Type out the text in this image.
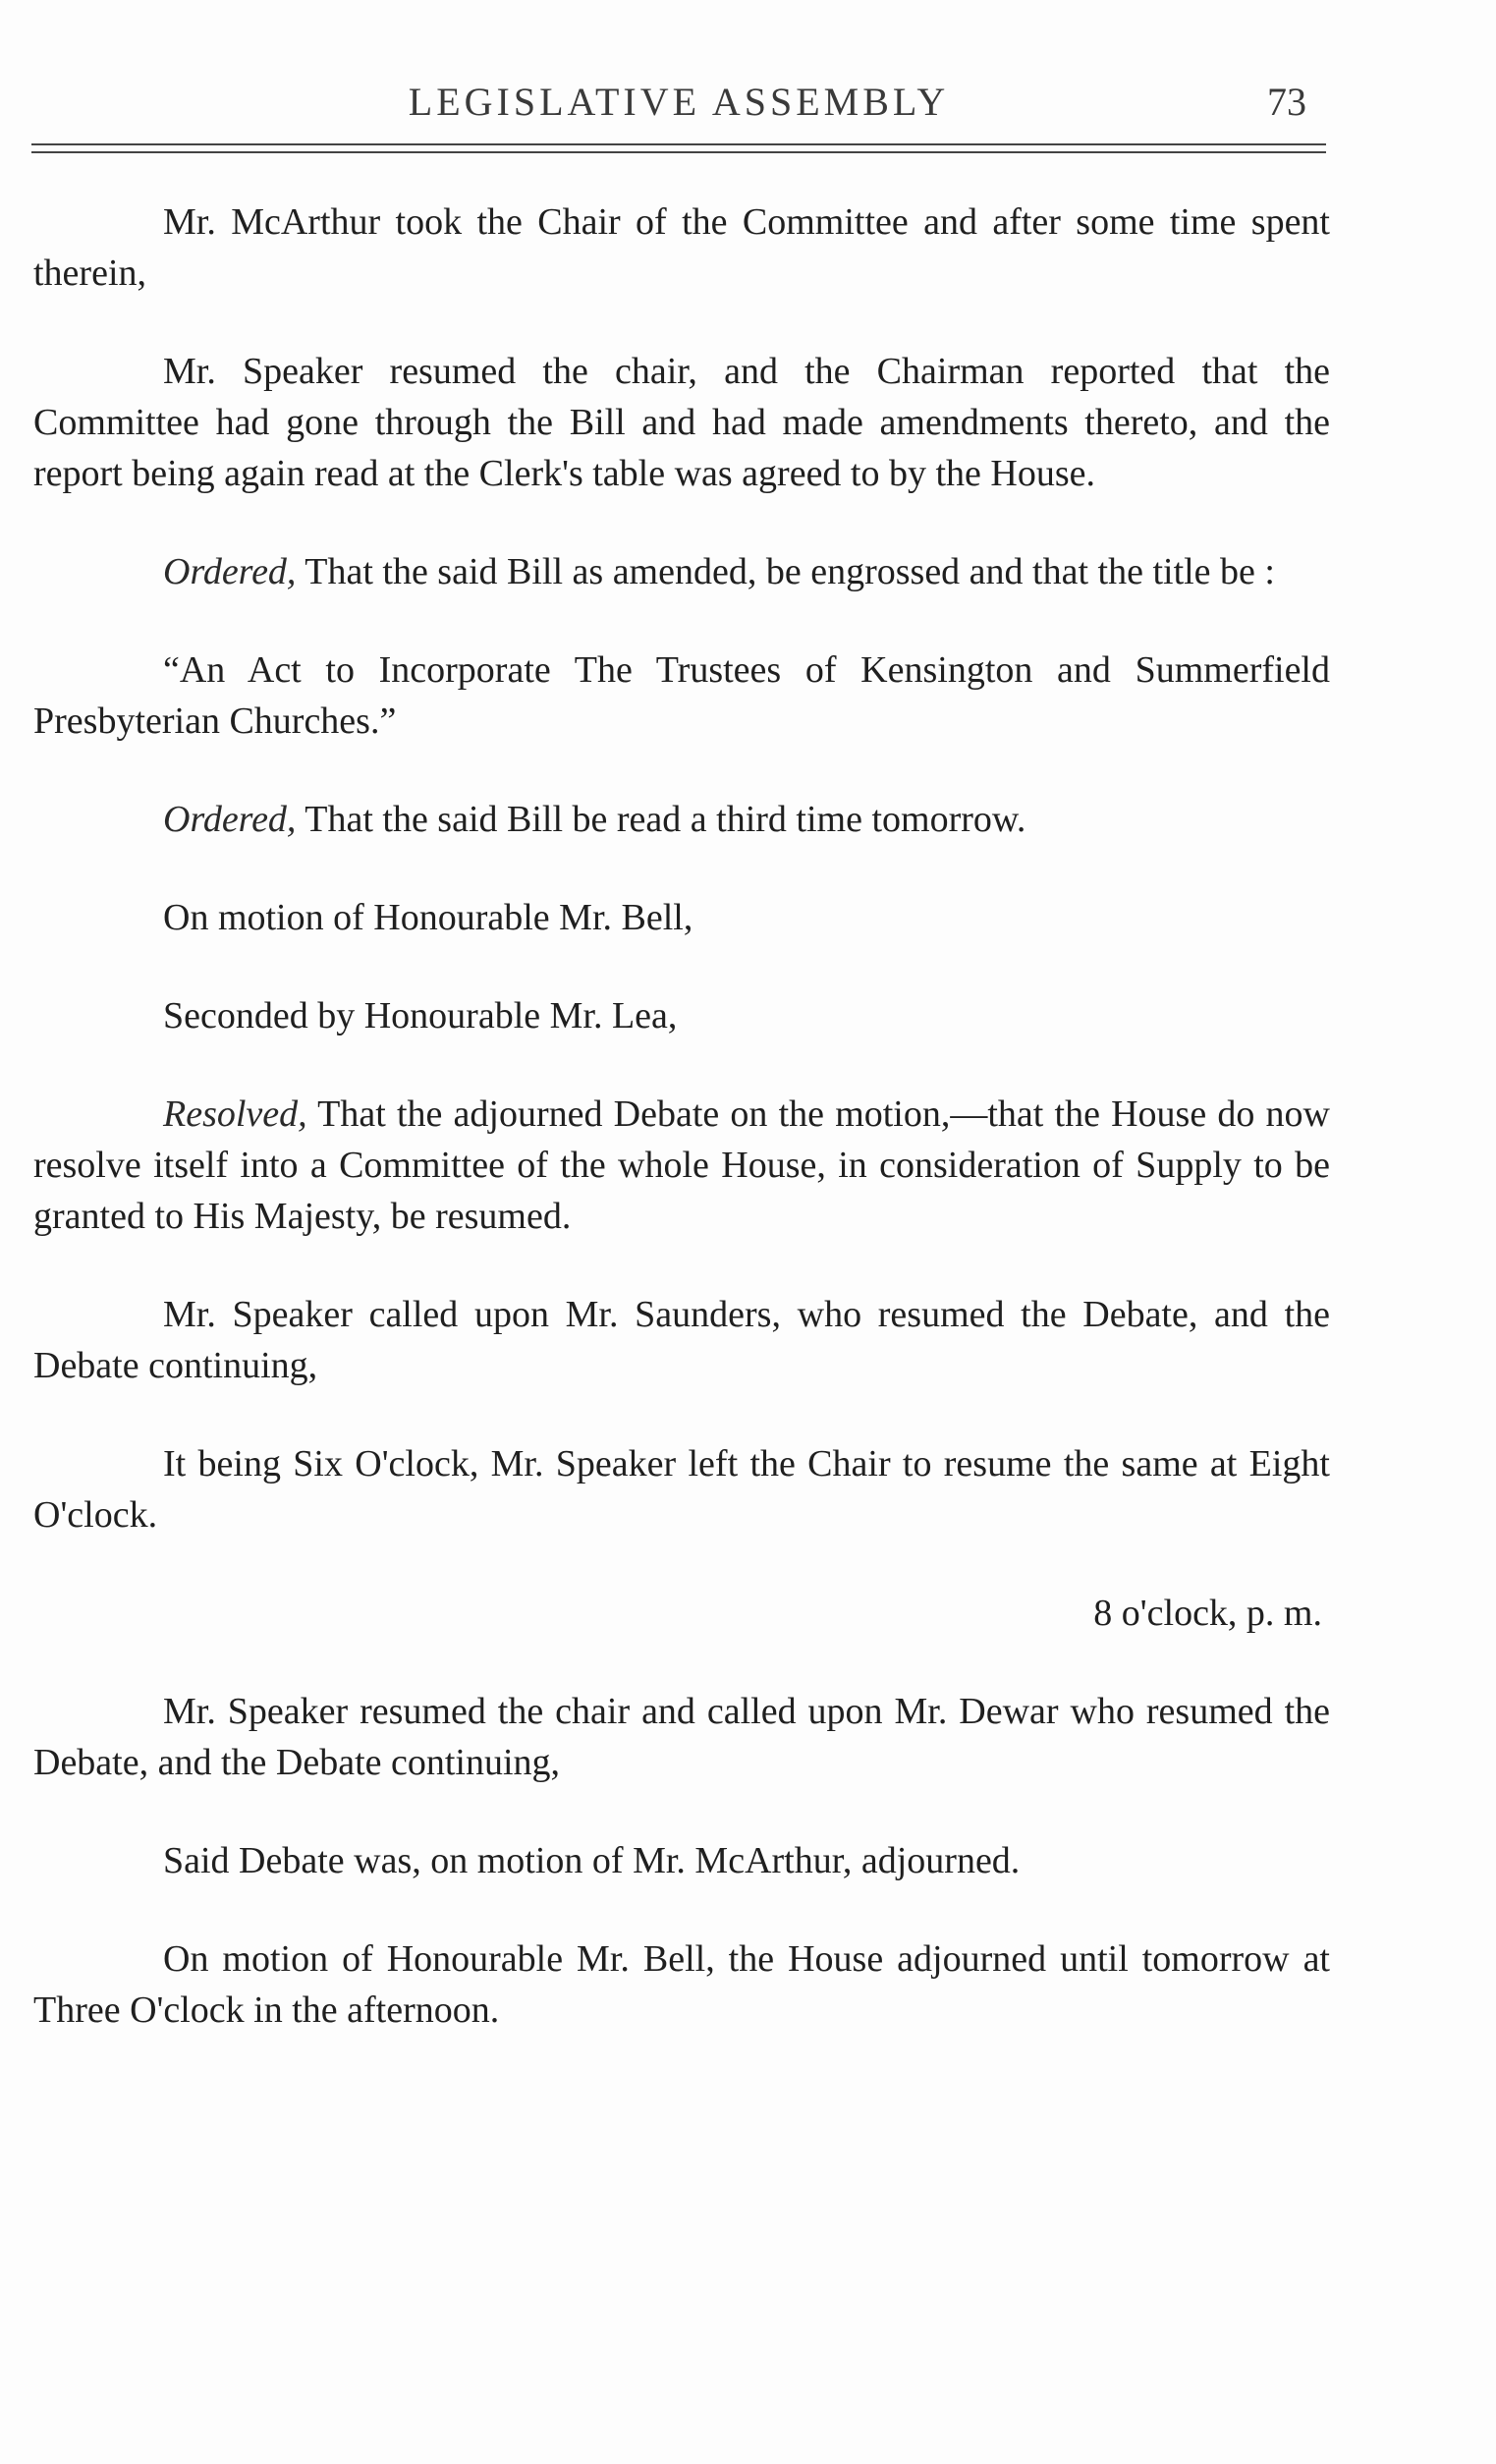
LEGISLATIVE ASSEMBLY	73

Mr. McArthur took the Chair of the Committee and after some time spent therein,

Mr. Speaker resumed the chair, and the Chairman reported that the Committee had gone through the Bill and had made amendments thereto, and the report being again read at the Clerk's table was agreed to by the House.

Ordered, That the said Bill as amended, be engrossed and that the title be :

“An Act to Incorporate The Trustees of Kensington and Summerfield Presbyterian Churches.”

Ordered, That the said Bill be read a third time tomorrow.

On motion of Honourable Mr. Bell,

Seconded by Honourable Mr. Lea,

Resolved, That the adjourned Debate on the motion,—that the House do now resolve itself into a Committee of the whole House, in consideration of Supply to be granted to His Majesty, be resumed.

Mr. Speaker called upon Mr. Saunders, who resumed the Debate, and the Debate continuing,

It being Six O'clock, Mr. Speaker left the Chair to resume the same at Eight O'clock.

8 o'clock, p. m.

Mr. Speaker resumed the chair and called upon Mr. Dewar who resumed the Debate, and the Debate continuing,

Said Debate was, on motion of Mr. McArthur, adjourned.

On motion of Honourable Mr. Bell, the House adjourned until tomorrow at Three O'clock in the afternoon.
